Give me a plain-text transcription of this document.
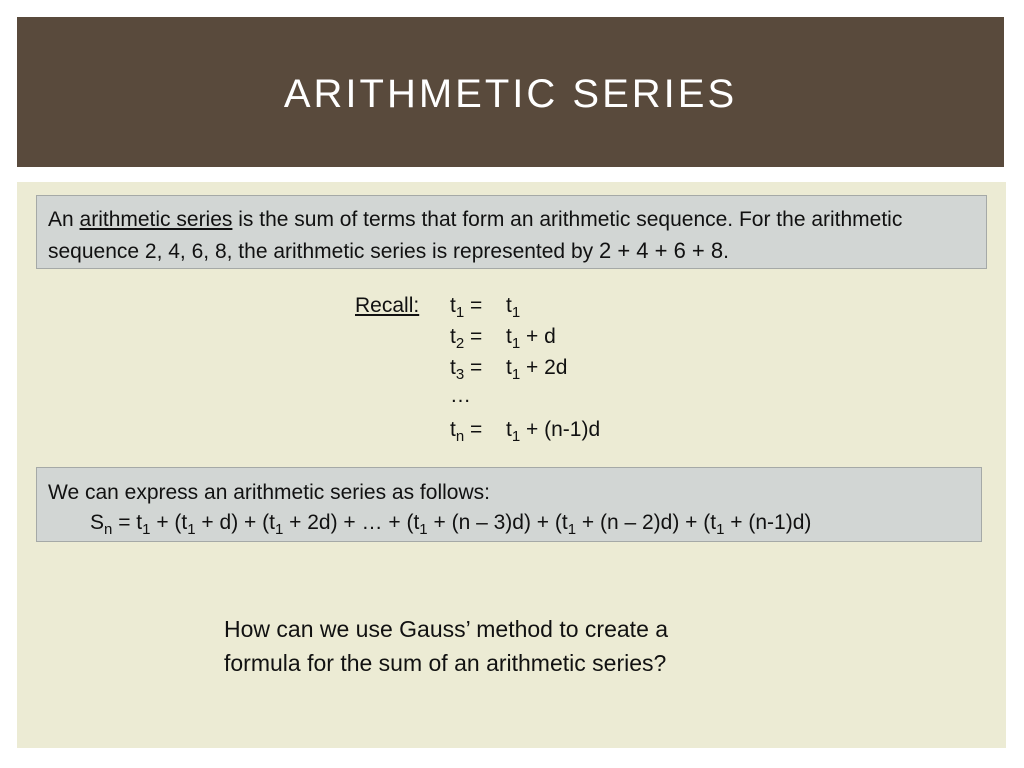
ARITHMETIC SERIES
An arithmetic series is the sum of terms that form an arithmetic sequence. For the arithmetic sequence 2, 4, 6, 8, the arithmetic series is represented by 2 + 4 + 6 + 8.
Recall: $t_1 = t_1$
$t_2 = t_1 + d$
$t_3 = t_1 + 2d$
…
$t_n = t_1 + (n-1)d$
We can express an arithmetic series as follows:
$S_n = t_1 + (t_1 + d) + (t_1 + 2d)$ + … + $(t_1 + (n - 3)d) + (t_1 + (n - 2)d) + (t_1 + (n-1)d)$
How can we use Gauss’ method to create a
formula for the sum of an arithmetic series?
